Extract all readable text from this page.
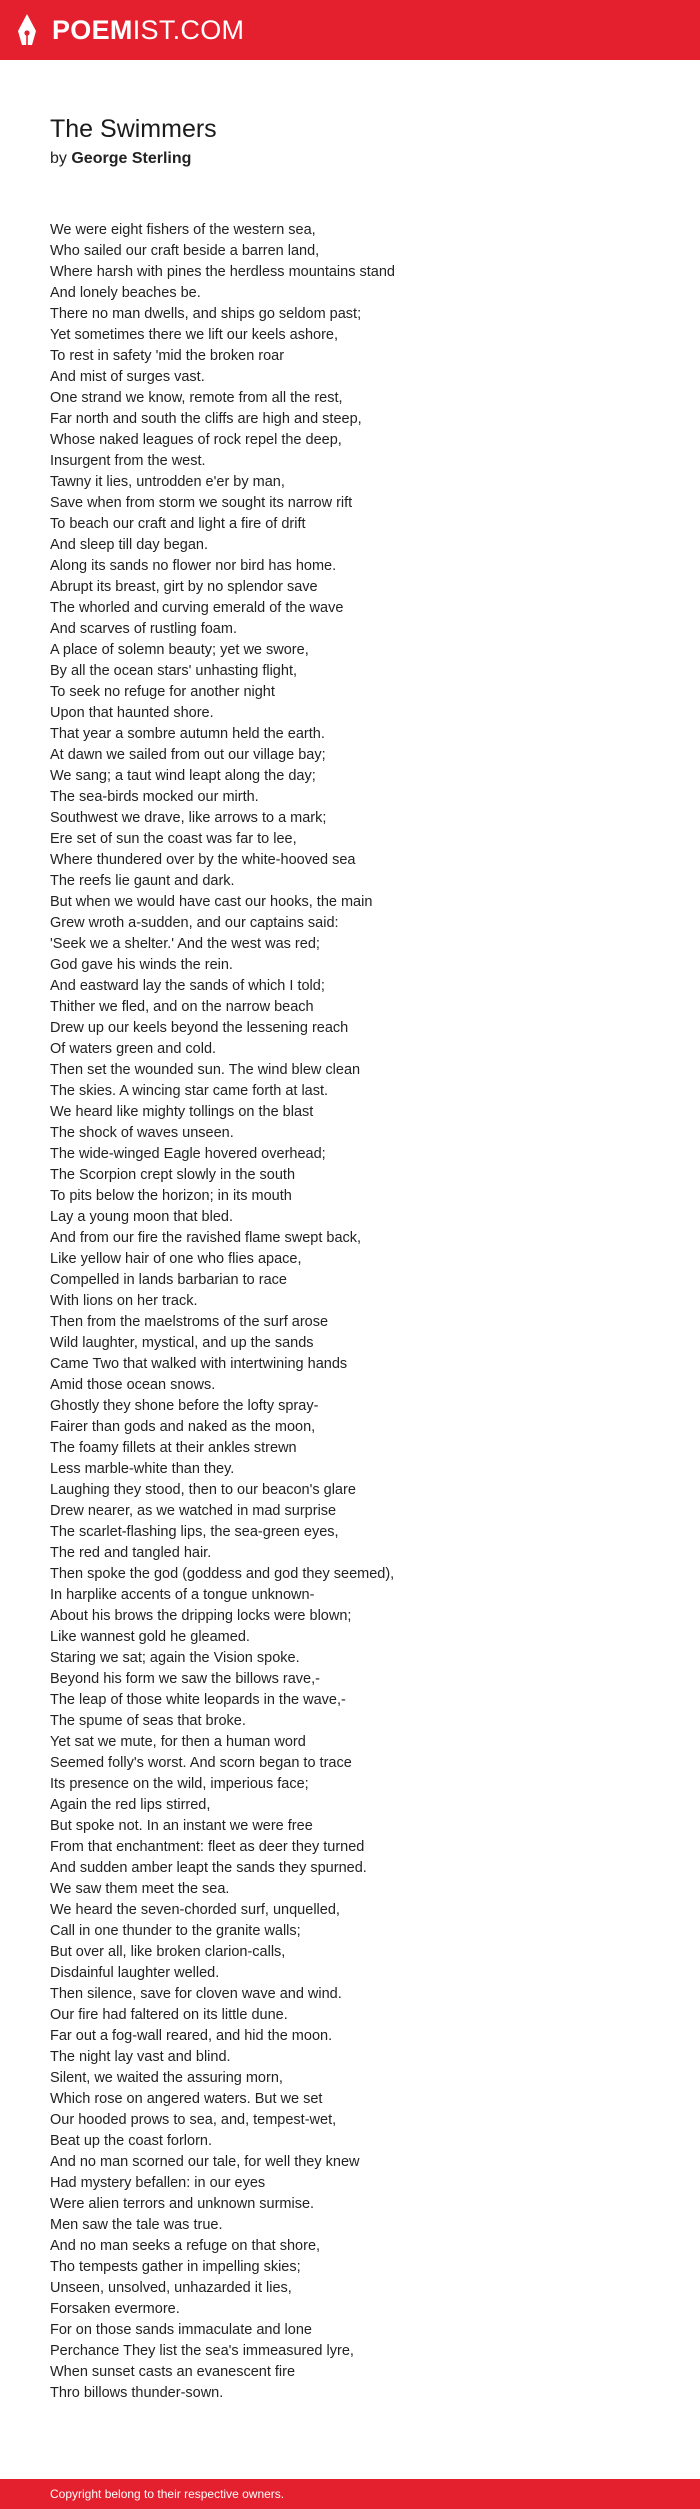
POEMIST.COM
The Swimmers
by George Sterling
We were eight fishers of the western sea,
Who sailed our craft beside a barren land,
Where harsh with pines the herdless mountains stand
And lonely beaches be.
There no man dwells, and ships go seldom past;
Yet sometimes there we lift our keels ashore,
To rest in safety 'mid the broken roar
And mist of surges vast.
One strand we know, remote from all the rest,
Far north and south the cliffs are high and steep,
Whose naked leagues of rock repel the deep,
Insurgent from the west.
Tawny it lies, untrodden e'er by man,
Save when from storm we sought its narrow rift
To beach our craft and light a fire of drift
And sleep till day began.
Along its sands no flower nor bird has home.
Abrupt its breast, girt by no splendor save
The whorled and curving emerald of the wave
And scarves of rustling foam.
A place of solemn beauty; yet we swore,
By all the ocean stars' unhasting flight,
To seek no refuge for another night
Upon that haunted shore.
That year a sombre autumn held the earth.
At dawn we sailed from out our village bay;
We sang; a taut wind leapt along the day;
The sea-birds mocked our mirth.
Southwest we drave, like arrows to a mark;
Ere set of sun the coast was far to lee,
Where thundered over by the white-hooved sea
The reefs lie gaunt and dark.
But when we would have cast our hooks, the main
Grew wroth a-sudden, and our captains said:
'Seek we a shelter.' And the west was red;
God gave his winds the rein.
And eastward lay the sands of which I told;
Thither we fled, and on the narrow beach
Drew up our keels beyond the lessening reach
Of waters green and cold.
Then set the wounded sun. The wind blew clean
The skies. A wincing star came forth at last.
We heard like mighty tollings on the blast
The shock of waves unseen.
The wide-winged Eagle hovered overhead;
The Scorpion crept slowly in the south
To pits below the horizon; in its mouth
Lay a young moon that bled.
And from our fire the ravished flame swept back,
Like yellow hair of one who flies apace,
Compelled in lands barbarian to race
With lions on her track.
Then from the maelstroms of the surf arose
Wild laughter, mystical, and up the sands
Came Two that walked with intertwining hands
Amid those ocean snows.
Ghostly they shone before the lofty spray-
Fairer than gods and naked as the moon,
The foamy fillets at their ankles strewn
Less marble-white than they.
Laughing they stood, then to our beacon's glare
Drew nearer, as we watched in mad surprise
The scarlet-flashing lips, the sea-green eyes,
The red and tangled hair.
Then spoke the god (goddess and god they seemed),
In harplike accents of a tongue unknown-
About his brows the dripping locks were blown;
Like wannest gold he gleamed.
Staring we sat; again the Vision spoke.
Beyond his form we saw the billows rave,-
The leap of those white leopards in the wave,-
The spume of seas that broke.
Yet sat we mute, for then a human word
Seemed folly's worst. And scorn began to trace
Its presence on the wild, imperious face;
Again the red lips stirred,
But spoke not. In an instant we were free
From that enchantment: fleet as deer they turned
And sudden amber leapt the sands they spurned.
We saw them meet the sea.
We heard the seven-chorded surf, unquelled,
Call in one thunder to the granite walls;
But over all, like broken clarion-calls,
Disdainful laughter welled.
Then silence, save for cloven wave and wind.
Our fire had faltered on its little dune.
Far out a fog-wall reared, and hid the moon.
The night lay vast and blind.
Silent, we waited the assuring morn,
Which rose on angered waters. But we set
Our hooded prows to sea, and, tempest-wet,
Beat up the coast forlorn.
And no man scorned our tale, for well they knew
Had mystery befallen: in our eyes
Were alien terrors and unknown surmise.
Men saw the tale was true.
And no man seeks a refuge on that shore,
Tho tempests gather in impelling skies;
Unseen, unsolved, unhazarded it lies,
Forsaken evermore.
For on those sands immaculate and lone
Perchance They list the sea's immeasured lyre,
When sunset casts an evanescent fire
Thro billows thunder-sown.
Copyright belong to their respective owners.
